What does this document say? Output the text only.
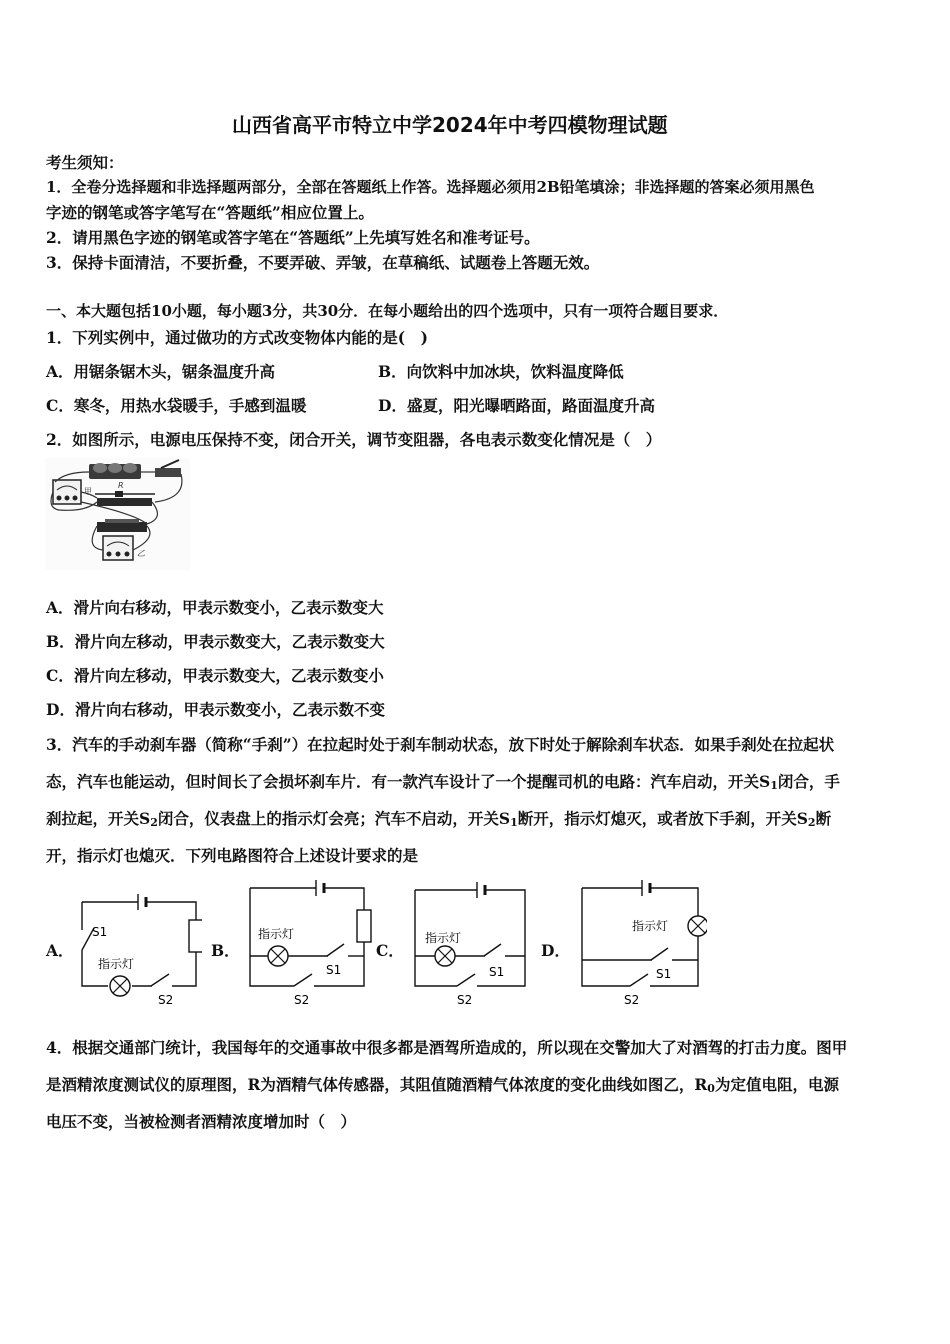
山西省高平市特立中学2024年中考四模物理试题
考生须知：
1．全卷分选择题和非选择题两部分，全部在答题纸上作答。选择题必须用2B铅笔填涂；非选择题的答案必须用黑色
字迹的钢笔或答字笔写在“答题纸”相应位置上。
2．请用黑色字迹的钢笔或答字笔在“答题纸”上先填写姓名和准考证号。
3．保持卡面清洁，不要折叠，不要弄破、弄皱，在草稿纸、试题卷上答题无效。
一、本大题包括10小题，每小题3分，共30分．在每小题给出的四个选项中，只有一项符合题目要求．
1．下列实例中，通过做功的方式改变物体内能的是(　)
A．用锯条锯木头，锯条温度升高	B．向饮料中加冰块，饮料温度降低
C．寒冬，用热水袋暖手，手感到温暖	D．盛夏，阳光曝晒路面，路面温度升高
2．如图所示，电源电压保持不变，闭合开关，调节变阻器，各电表示数变化情况是（　）
甲
R
乙
A．滑片向右移动，甲表示数变小，乙表示数变大
B．滑片向左移动，甲表示数变大，乙表示数变大
C．滑片向左移动，甲表示数变大，乙表示数变小
D．滑片向右移动，甲表示数变小，乙表示数不变
3．汽车的手动刹车器（简称“手刹”）在拉起时处于刹车制动状态，放下时处于解除刹车状态．如果手刹处在拉起状
态，汽车也能运动，但时间长了会损坏刹车片．有一款汽车设计了一个提醒司机的电路：汽车启动，开关S1闭合，手
刹拉起，开关S2闭合，仪表盘上的指示灯会亮；汽车不启动，开关S1断开，指示灯熄灭，或者放下手刹，开关S2断
开，指示灯也熄灭．下列电路图符合上述设计要求的是
A．	B．	C．	D．
S1
指示灯
S2
指示灯
S1
S2
指示灯
S1
S2
指示灯
S1
S2
4．根据交通部门统计，我国每年的交通事故中很多都是酒驾所造成的，所以现在交警加大了对酒驾的打击力度。图甲
是酒精浓度测试仪的原理图，R为酒精气体传感器，其阻值随酒精气体浓度的变化曲线如图乙，R0为定值电阻，电源
电压不变，当被检测者酒精浓度增加时（　）
